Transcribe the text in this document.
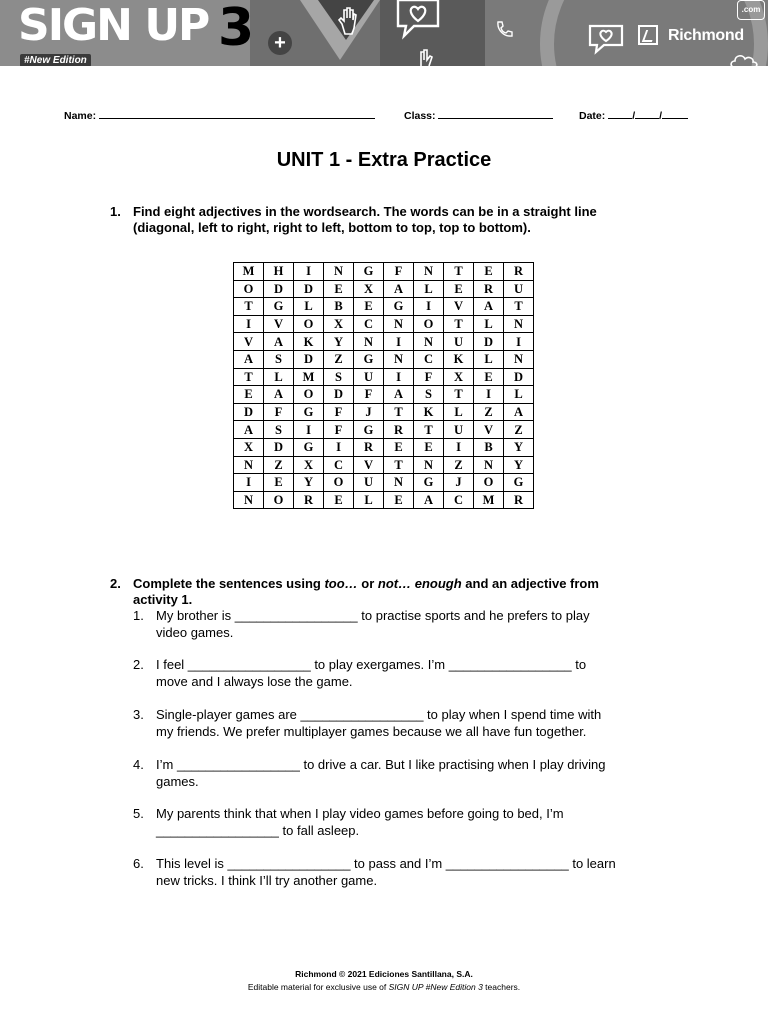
SIGN UP 3 +
#New Edition
Richmond
.com
Name:	Class:	Date:	/ /
UNIT 1 - Extra Practice
1. Find eight adjectives in the wordsearch. The words can be in a straight line
(diagonal, left to right, right to left, bottom to top, top to bottom).
M	H	I	N	G	F	N	T	E	R
O	D	D	E	X	A	L	E	R	U
T	G	L	B	E	G	I	V	A	T
I	V	O	X	C	N	O	T	L	N
V	A	K	Y	N	I	N	U	D	I
A	S	D	Z	G	N	C	K	L	N
T	L	M	S	U	I	F	X	E	D
E	A	O	D	F	A	S	T	I	L
D	F	G	F	J	T	K	L	Z	A
A	S	I	F	G	R	T	U	V	Z
X	D	G	I	R	E	E	I	B	Y
N	Z	X	C	V	T	N	Z	N	Y
I	E	Y	O	U	N	G	J	O	G
N	O	R	E	L	E	A	C	M	R
2. Complete the sentences using too… or not… enough and an adjective from
activity 1.
1. My brother is _________________ to practise sports and he prefers to play
video games.
2. I feel _________________ to play exergames. I’m _________________ to
move and I always lose the game.
3. Single-player games are _________________ to play when I spend time with
my friends. We prefer multiplayer games because we all have fun together.
4. I’m _________________ to drive a car. But I like practising when I play driving
games.
5. My parents think that when I play video games before going to bed, I’m
_________________ to fall asleep.
6. This level is _________________ to pass and I’m _________________ to learn
new tricks. I think I’ll try another game.
Richmond © 2021 Ediciones Santillana, S.A.
Editable material for exclusive use of SIGN UP #New Edition 3 teachers.
